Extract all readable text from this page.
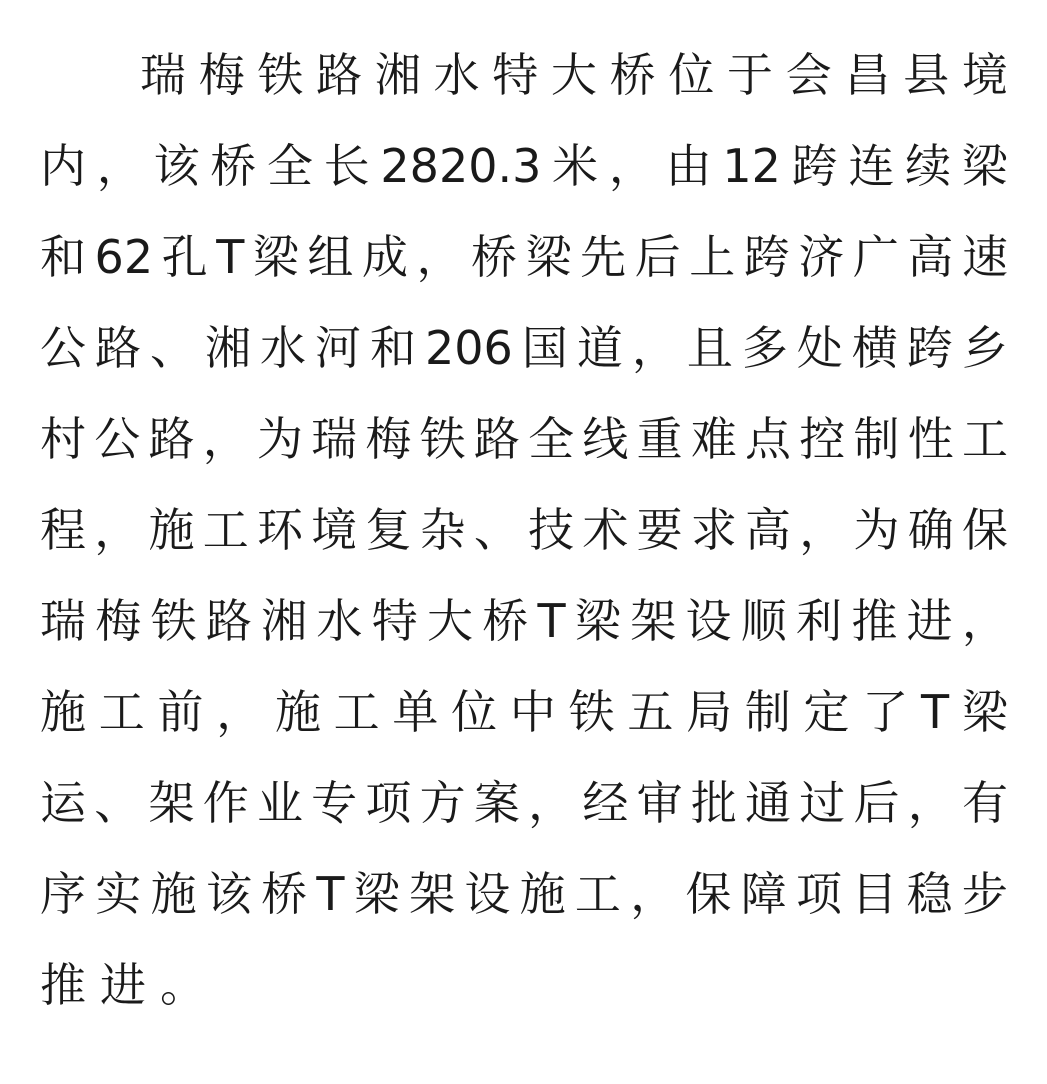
瑞 梅 铁 路 湘 水 特 大 桥 位 于 会 昌 县 境
内 ， 该 桥 全 长 2820.3 米 ， 由 12 跨 连 续 梁
和 62 孔 T 梁 组 成 ， 桥 梁 先 后 上 跨 济 广 高 速
公 路 、 湘 水 河 和 206 国 道 ， 且 多 处 横 跨 乡
村 公 路 ， 为 瑞 梅 铁 路 全 线 重 难 点 控 制 性 工
程 ， 施 工 环 境 复 杂 、 技 术 要 求 高 ， 为 确 保
瑞 梅 铁 路 湘 水 特 大 桥 T 梁 架 设 顺 利 推 进 ，
施 工 前 ， 施 工 单 位 中 铁 五 局 制 定 了 T 梁
运 、 架 作 业 专 项 方 案 ， 经 审 批 通 过 后 ， 有
序 实 施 该 桥 T 梁 架 设 施 工 ， 保 障 项 目 稳 步
推 进 。
